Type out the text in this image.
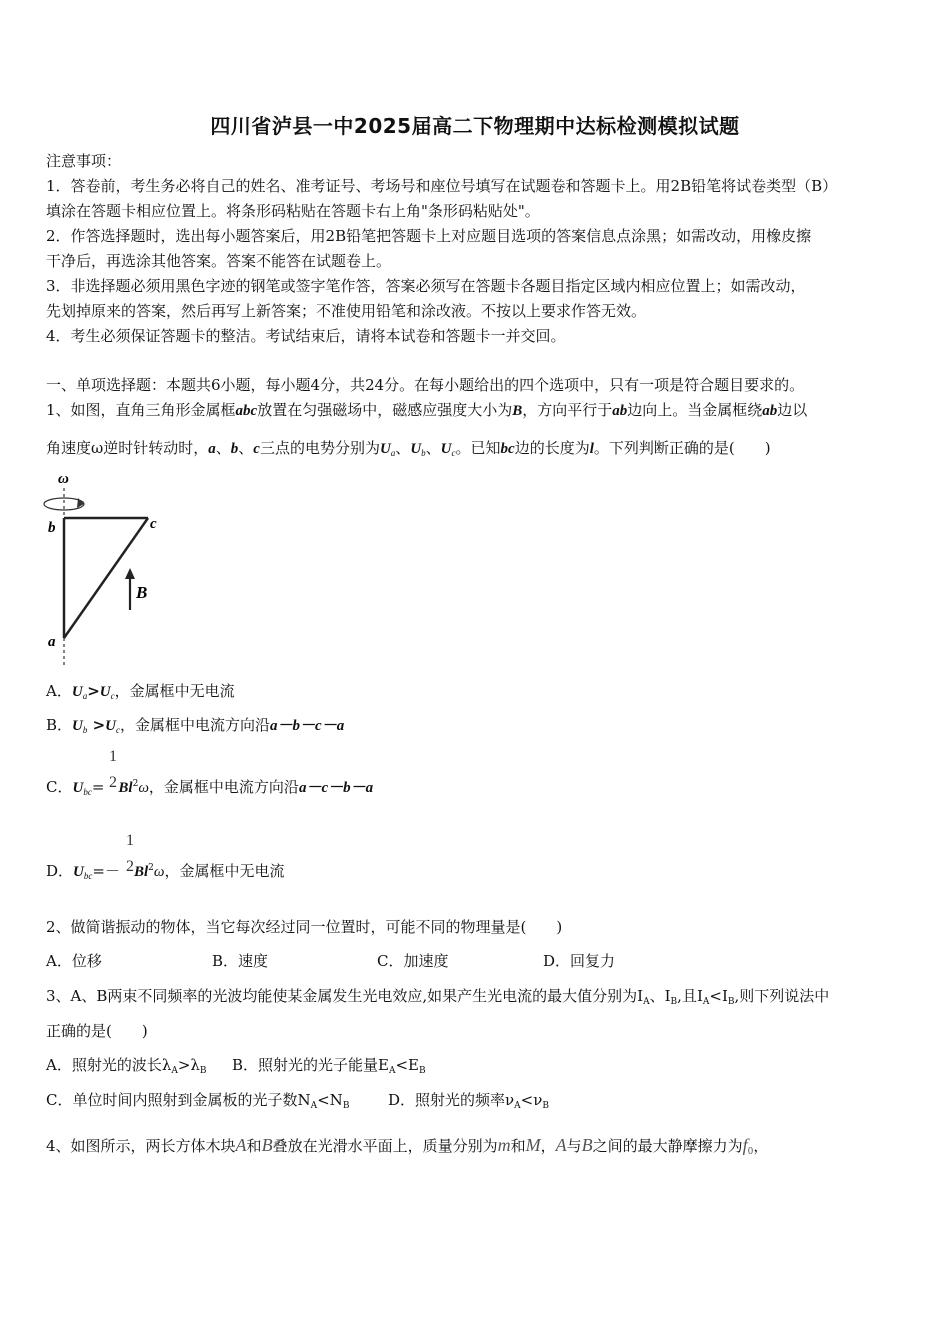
四川省泸县一中2025届高二下物理期中达标检测模拟试题
注意事项：
1．答卷前，考生务必将自己的姓名、准考证号、考场号和座位号填写在试题卷和答题卡上。用2B铅笔将试卷类型（B）
填涂在答题卡相应位置上。将条形码粘贴在答题卡右上角"条形码粘贴处"。
2．作答选择题时，选出每小题答案后，用2B铅笔把答题卡上对应题目选项的答案信息点涂黑；如需改动，用橡皮擦
干净后，再选涂其他答案。答案不能答在试题卷上。
3．非选择题必须用黑色字迹的钢笔或签字笔作答，答案必须写在答题卡各题目指定区域内相应位置上；如需改动，
先划掉原来的答案，然后再写上新答案；不准使用铅笔和涂改液。不按以上要求作答无效。
4．考生必须保证答题卡的整洁。考试结束后，请将本试卷和答题卡一并交回。
一、单项选择题：本题共6小题，每小题4分，共24分。在每小题给出的四个选项中，只有一项是符合题目要求的。
1、如图，直角三角形金属框abc放置在匀强磁场中，磁感应强度大小为B，方向平行于ab边向上。当金属框绕ab边以
角速度ω逆时针转动时，a、b、c三点的电势分别为$U_a$、$U_b$、$U_c$。已知bc边的长度为l。下列判断正确的是(　　)
ω
b	c
a
B
A．$U_a>U_c$，金属框中无电流
B．$U_b >U_c$，金属框中电流方向沿a－b－c－a
1
2
C．$U_{bc}= Bl^2\omega$，金属框中电流方向沿a－c－b－a
1
2
D．$U_{bc}=- Bl^2\omega$，金属框中无电流
2、做简谐振动的物体，当它每次经过同一位置时，可能不同的物理量是(　　)
A．位移	B．速度	C．加速度	D．回复力
3、A、B两束不同频率的光波均能使某金属发生光电效应,如果产生光电流的最大值分别为$I_A$、$I_B$,且$I_A<I_B$,则下列说法中
正确的是(　　)
A．照射光的波长$\lambda_A>\lambda_B$ B．照射光的光子能量$E_A<E_B$
C．单位时间内照射到金属板的光子数$N_A<N_B$	D．照射光的频率$\nu_A<\nu_B$
4、如图所示，两长方体木块A和B叠放在光滑水平面上，质量分别为m和M，A与B之间的最大静摩擦力为$f_0$，
